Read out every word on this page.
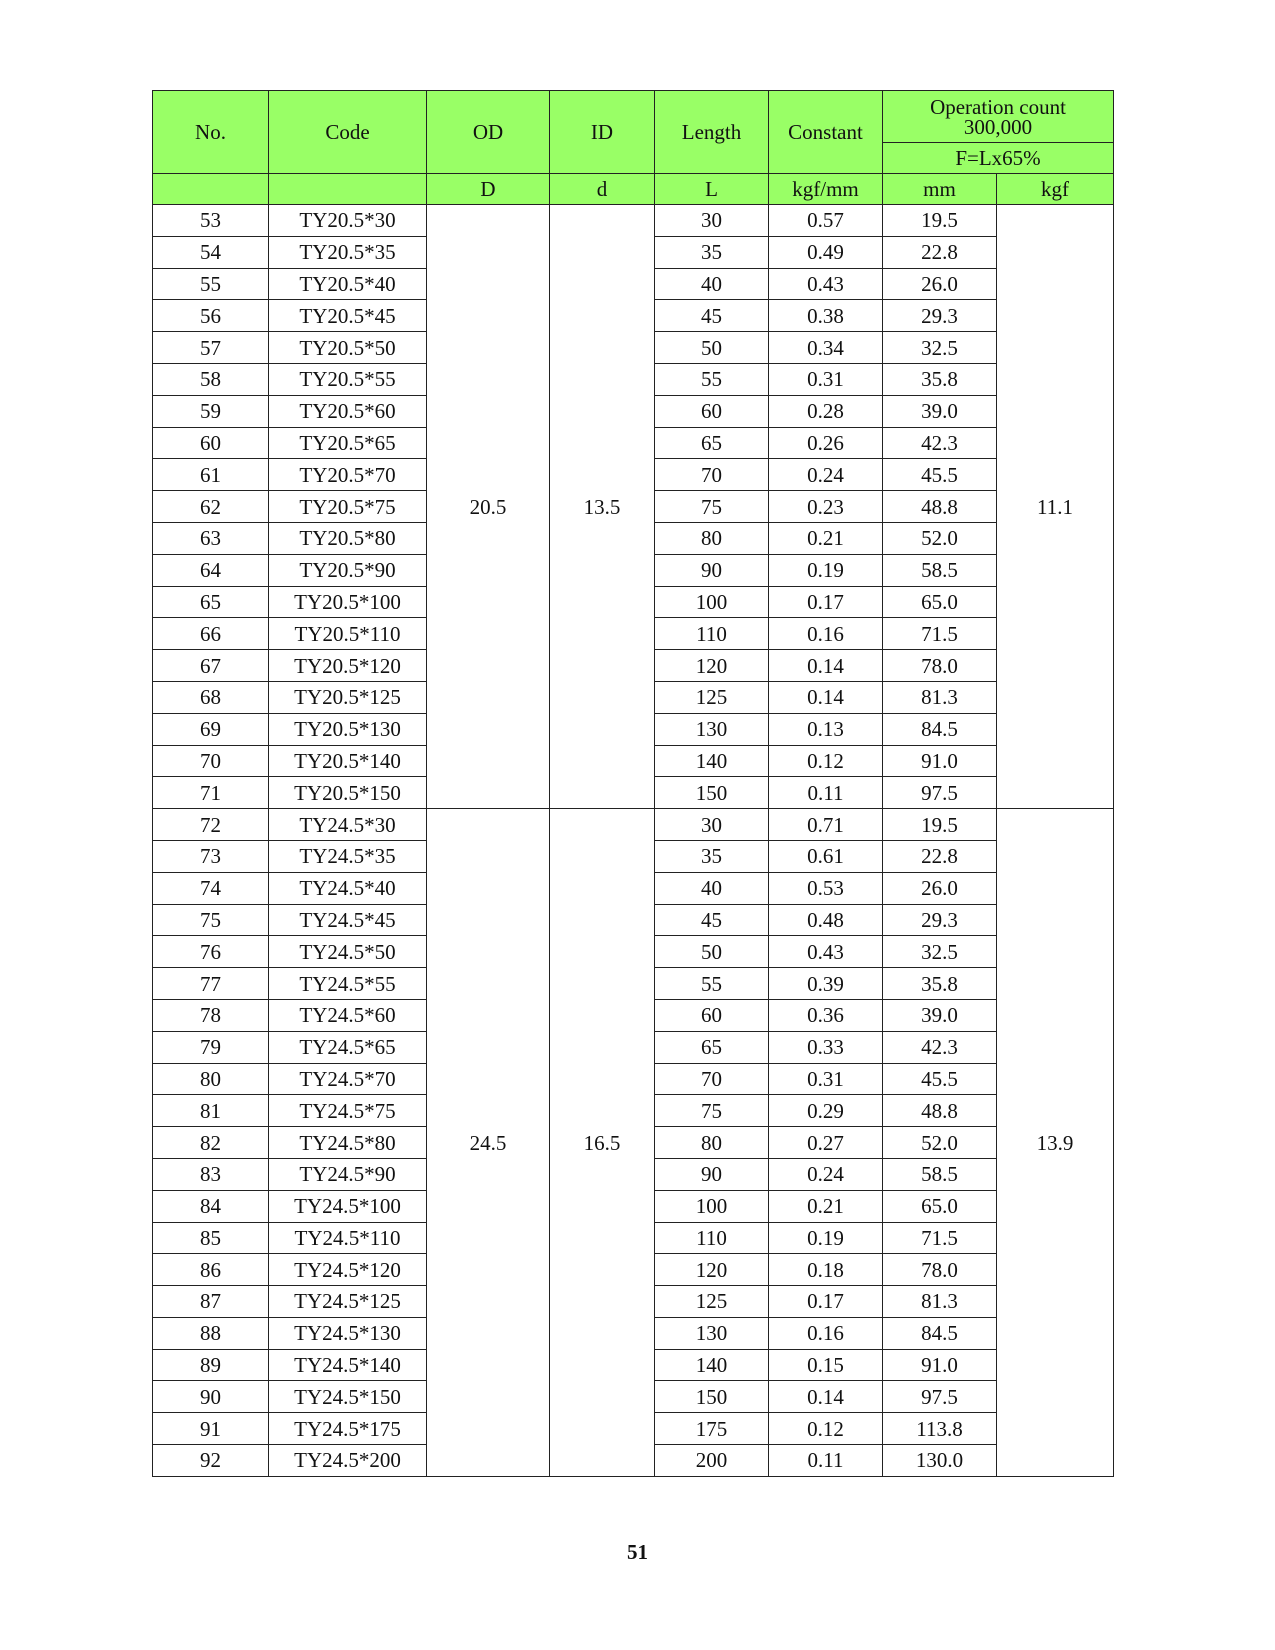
No.	Code	OD	ID	Length	Constant	Operation count
300,000	
						F=Lx65%	
		D	d	L	kgf/mm	mm	kgf
53	TY20.5*30	20.5	13.5	30	0.57	19.5	11.1
54	TY20.5*35			35	0.49	22.8	
55	TY20.5*40			40	0.43	26.0	
56	TY20.5*45			45	0.38	29.3	
57	TY20.5*50			50	0.34	32.5	
58	TY20.5*55			55	0.31	35.8	
59	TY20.5*60			60	0.28	39.0	
60	TY20.5*65			65	0.26	42.3	
61	TY20.5*70			70	0.24	45.5	
62	TY20.5*75			75	0.23	48.8	
63	TY20.5*80			80	0.21	52.0	
64	TY20.5*90			90	0.19	58.5	
65	TY20.5*100			100	0.17	65.0	
66	TY20.5*110			110	0.16	71.5	
67	TY20.5*120			120	0.14	78.0	
68	TY20.5*125			125	0.14	81.3	
69	TY20.5*130			130	0.13	84.5	
70	TY20.5*140			140	0.12	91.0	
71	TY20.5*150			150	0.11	97.5	
72	TY24.5*30	24.5	16.5	30	0.71	19.5	13.9
73	TY24.5*35			35	0.61	22.8	
74	TY24.5*40			40	0.53	26.0	
75	TY24.5*45			45	0.48	29.3	
76	TY24.5*50			50	0.43	32.5	
77	TY24.5*55			55	0.39	35.8	
78	TY24.5*60			60	0.36	39.0	
79	TY24.5*65			65	0.33	42.3	
80	TY24.5*70			70	0.31	45.5	
81	TY24.5*75			75	0.29	48.8	
82	TY24.5*80			80	0.27	52.0	
83	TY24.5*90			90	0.24	58.5	
84	TY24.5*100			100	0.21	65.0	
85	TY24.5*110			110	0.19	71.5	
86	TY24.5*120			120	0.18	78.0	
87	TY24.5*125			125	0.17	81.3	
88	TY24.5*130			130	0.16	84.5	
89	TY24.5*140			140	0.15	91.0	
90	TY24.5*150			150	0.14	97.5	
91	TY24.5*175			175	0.12	113.8	
92	TY24.5*200			200	0.11	130.0	
51
